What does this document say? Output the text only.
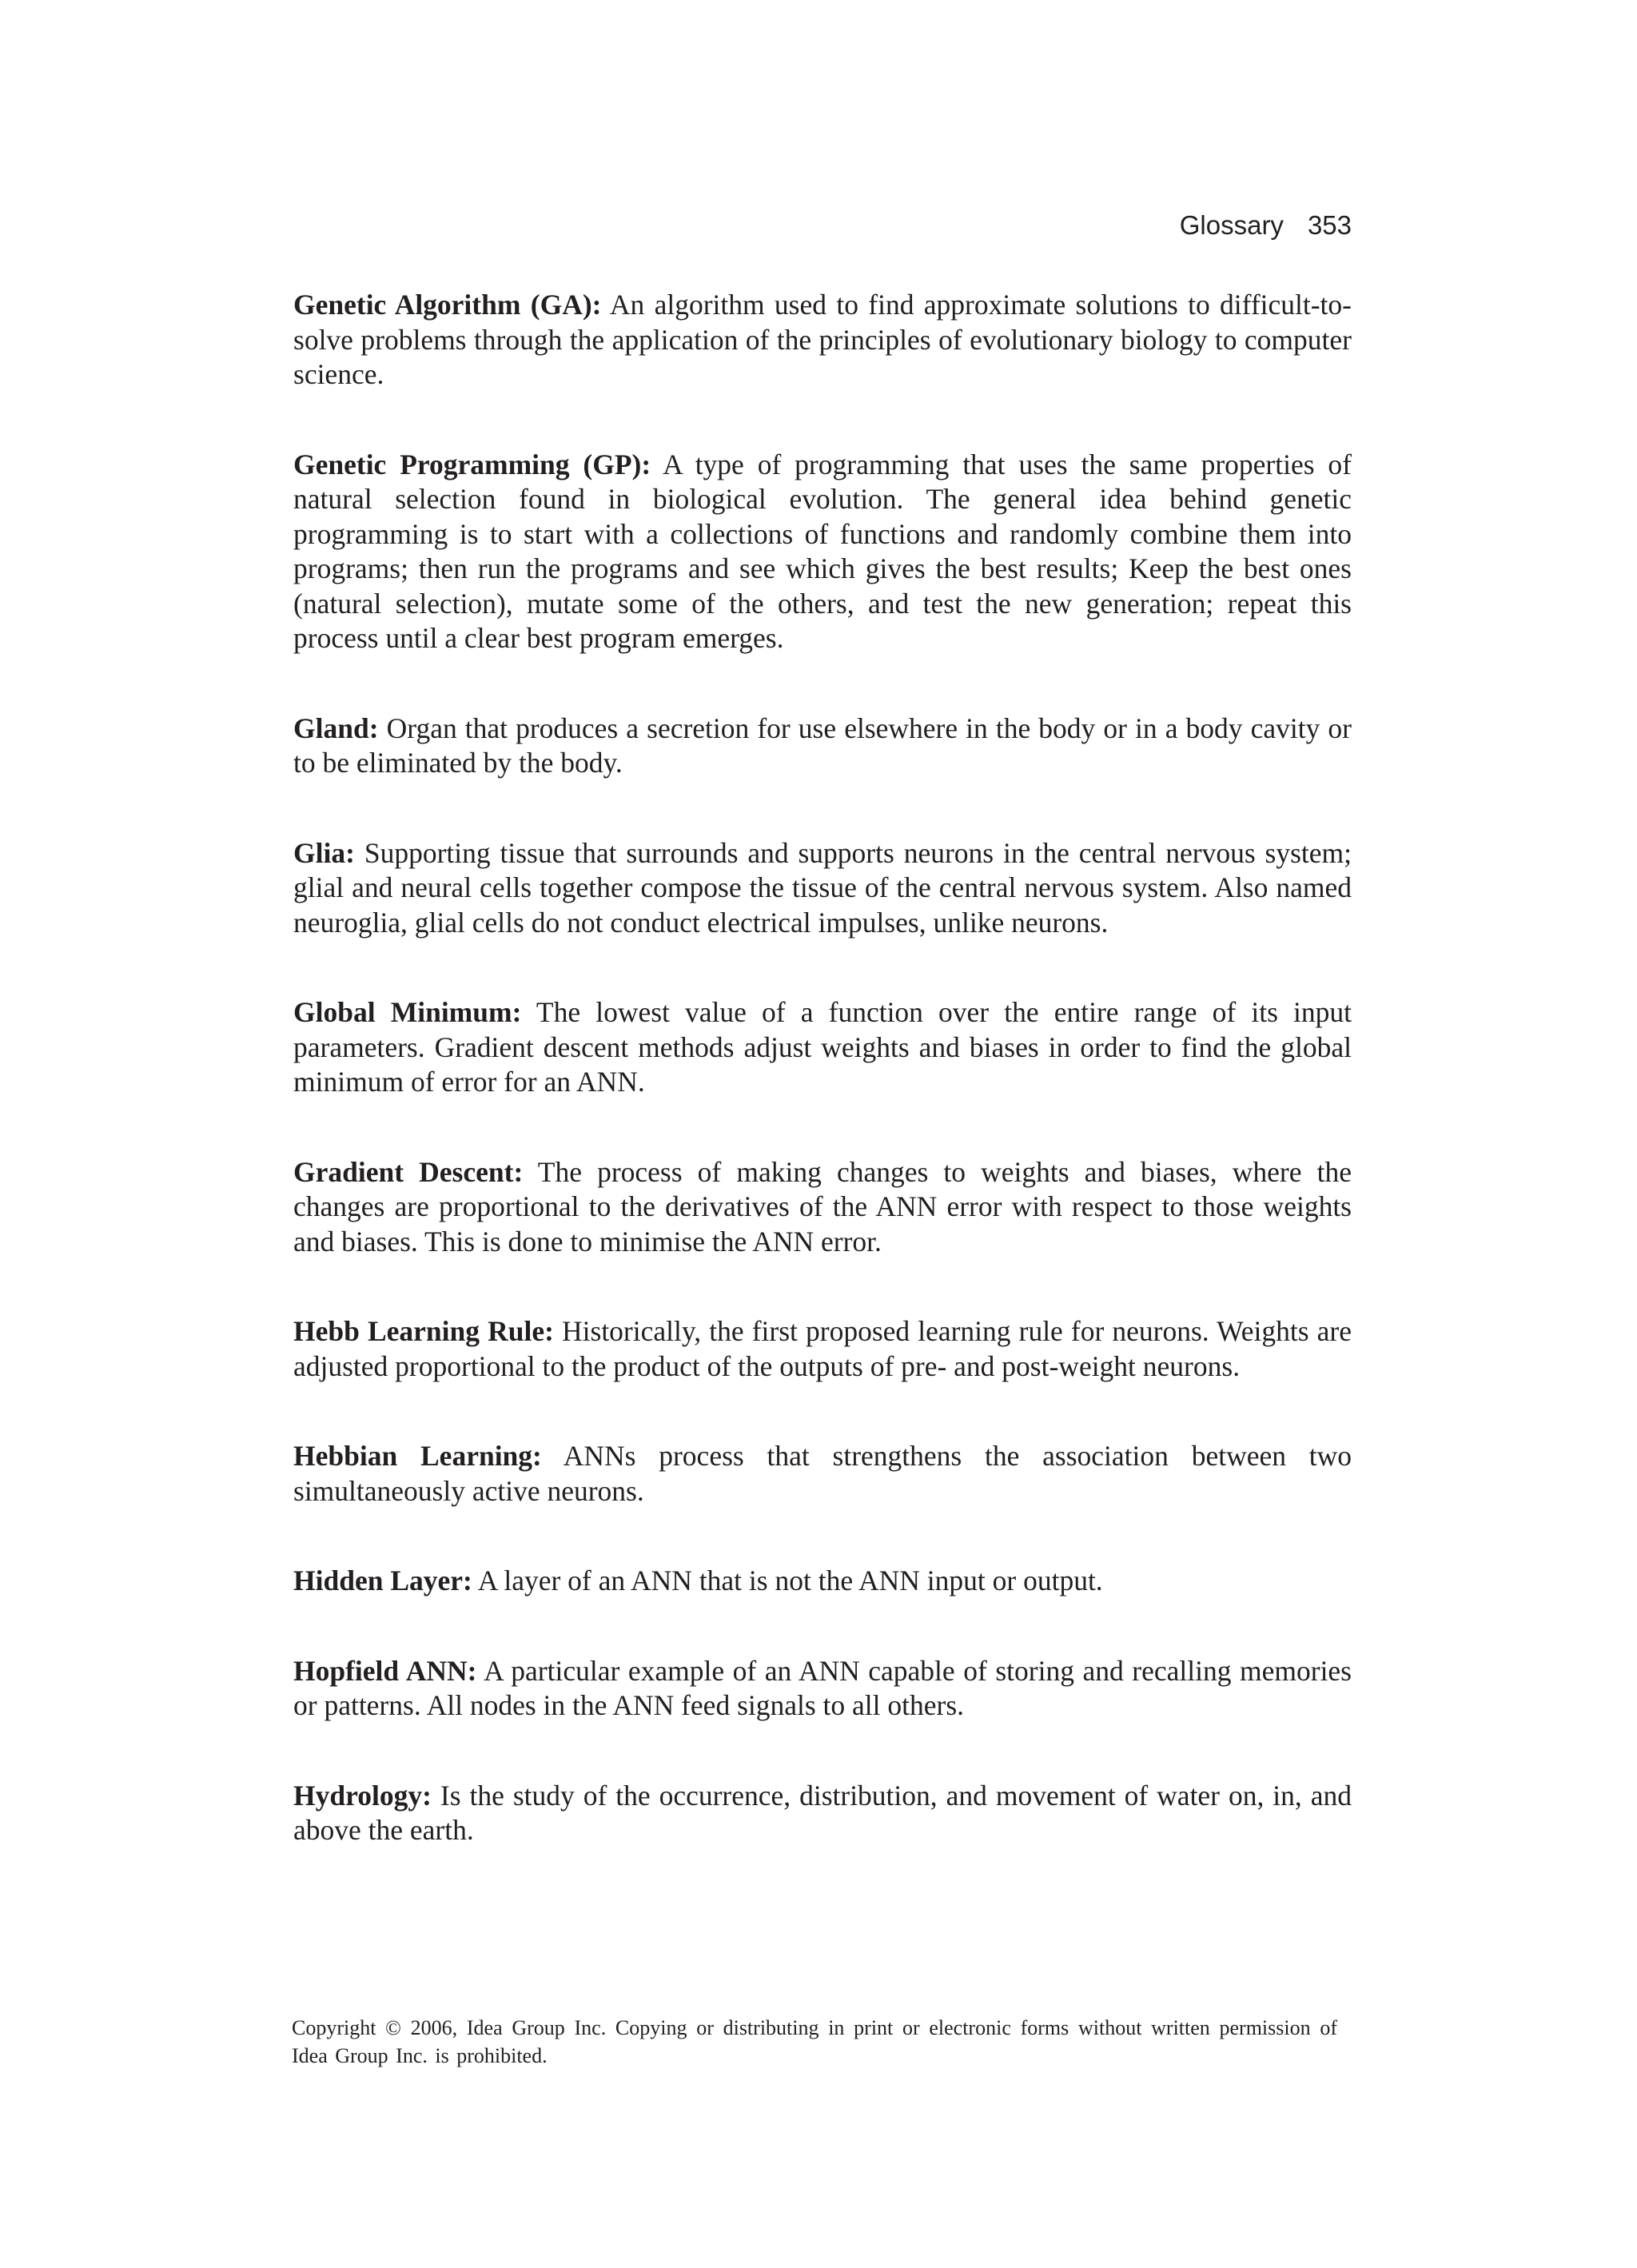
Glossary 353

Genetic Algorithm (GA): An algorithm used to find approximate solutions to difficult-to-solve problems through the application of the principles of evolutionary biology to computer science.

Genetic Programming (GP): A type of programming that uses the same properties of natural selection found in biological evolution. The general idea behind genetic programming is to start with a collections of functions and randomly combine them into programs; then run the programs and see which gives the best results; Keep the best ones (natural selection), mutate some of the others, and test the new generation; repeat this process until a clear best program emerges.

Gland: Organ that produces a secretion for use elsewhere in the body or in a body cavity or to be eliminated by the body.

Glia: Supporting tissue that surrounds and supports neurons in the central nervous system; glial and neural cells together compose the tissue of the central nervous system. Also named neuroglia, glial cells do not conduct electrical impulses, unlike neurons.

Global Minimum: The lowest value of a function over the entire range of its input parameters. Gradient descent methods adjust weights and biases in order to find the global minimum of error for an ANN.

Gradient Descent: The process of making changes to weights and biases, where the changes are proportional to the derivatives of the ANN error with respect to those weights and biases. This is done to minimise the ANN error.

Hebb Learning Rule: Historically, the first proposed learning rule for neurons. Weights are adjusted proportional to the product of the outputs of pre- and post-weight neurons.

Hebbian Learning: ANNs process that strengthens the association between two simultaneously active neurons.

Hidden Layer: A layer of an ANN that is not the ANN input or output.

Hopfield ANN: A particular example of an ANN capable of storing and recalling memories or patterns. All nodes in the ANN feed signals to all others.

Hydrology: Is the study of the occurrence, distribution, and movement of water on, in, and above the earth.

Copyright © 2006, Idea Group Inc. Copying or distributing in print or electronic forms without written permission of Idea Group Inc. is prohibited.
